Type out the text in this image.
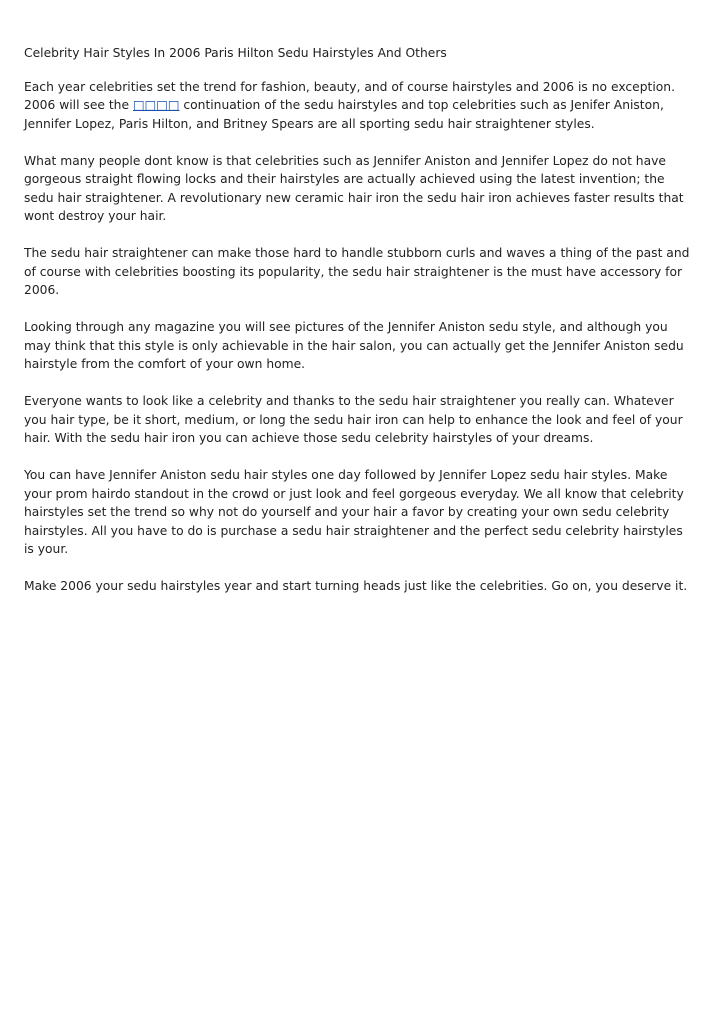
Celebrity Hair Styles In 2006 Paris Hilton Sedu Hairstyles And Others

Each year celebrities set the trend for fashion, beauty, and of course hairstyles and 2006 is no exception. 2006 will see the □□□□ continuation of the sedu hairstyles and top celebrities such as Jenifer Aniston, Jennifer Lopez, Paris Hilton, and Britney Spears are all sporting sedu hair straightener styles.

What many people dont know is that celebrities such as Jennifer Aniston and Jennifer Lopez do not have gorgeous straight flowing locks and their hairstyles are actually achieved using the latest invention; the sedu hair straightener. A revolutionary new ceramic hair iron the sedu hair iron achieves faster results that wont destroy your hair.

The sedu hair straightener can make those hard to handle stubborn curls and waves a thing of the past and of course with celebrities boosting its popularity, the sedu hair straightener is the must have accessory for 2006.

Looking through any magazine you will see pictures of the Jennifer Aniston sedu style, and although you may think that this style is only achievable in the hair salon, you can actually get the Jennifer Aniston sedu hairstyle from the comfort of your own home.

Everyone wants to look like a celebrity and thanks to the sedu hair straightener you really can. Whatever you hair type, be it short, medium, or long the sedu hair iron can help to enhance the look and feel of your hair. With the sedu hair iron you can achieve those sedu celebrity hairstyles of your dreams.

You can have Jennifer Aniston sedu hair styles one day followed by Jennifer Lopez sedu hair styles. Make your prom hairdo standout in the crowd or just look and feel gorgeous everyday. We all know that celebrity hairstyles set the trend so why not do yourself and your hair a favor by creating your own sedu celebrity hairstyles. All you have to do is purchase a sedu hair straightener and the perfect sedu celebrity hairstyles is your.

Make 2006 your sedu hairstyles year and start turning heads just like the celebrities. Go on, you deserve it.
